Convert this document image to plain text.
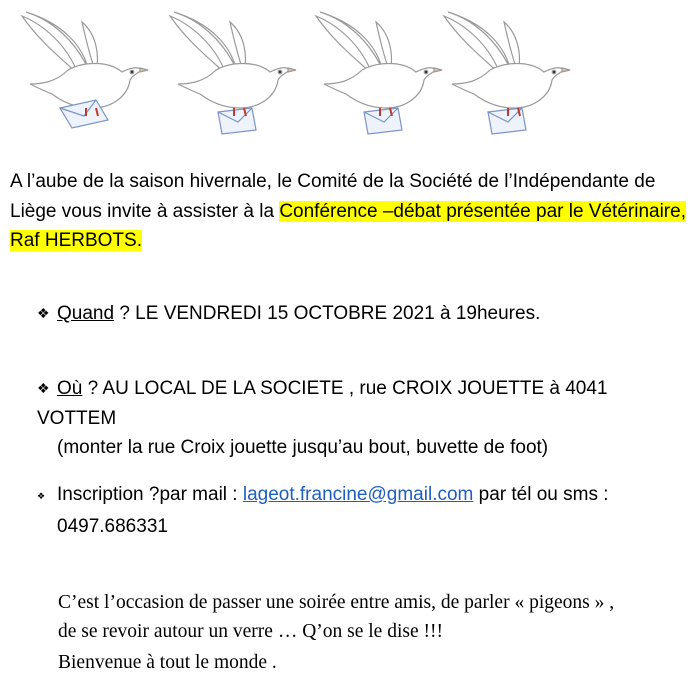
A l’aube de la saison hivernale, le Comité de la Société de l’Indépendante de Liège vous invite à assister à la Conférence –débat présentée par le Vétérinaire, Raf HERBOTS.
❖ Quand ? LE VENDREDI 15 OCTOBRE 2021 à 19heures.
❖ Où ? AU LOCAL DE LA SOCIETE , rue CROIX JOUETTE à 4041 VOTTEM
(monter la rue Croix jouette jusqu’au bout, buvette de foot)
❖ Inscription ?par mail : lageot.francine@gmail.com par tél ou sms :
0497.686331
C’est l’occasion de passer une soirée entre amis, de parler « pigeons » ,
de se revoir autour un verre … Q’on se le dise !!!
Bienvenue à tout le monde .
